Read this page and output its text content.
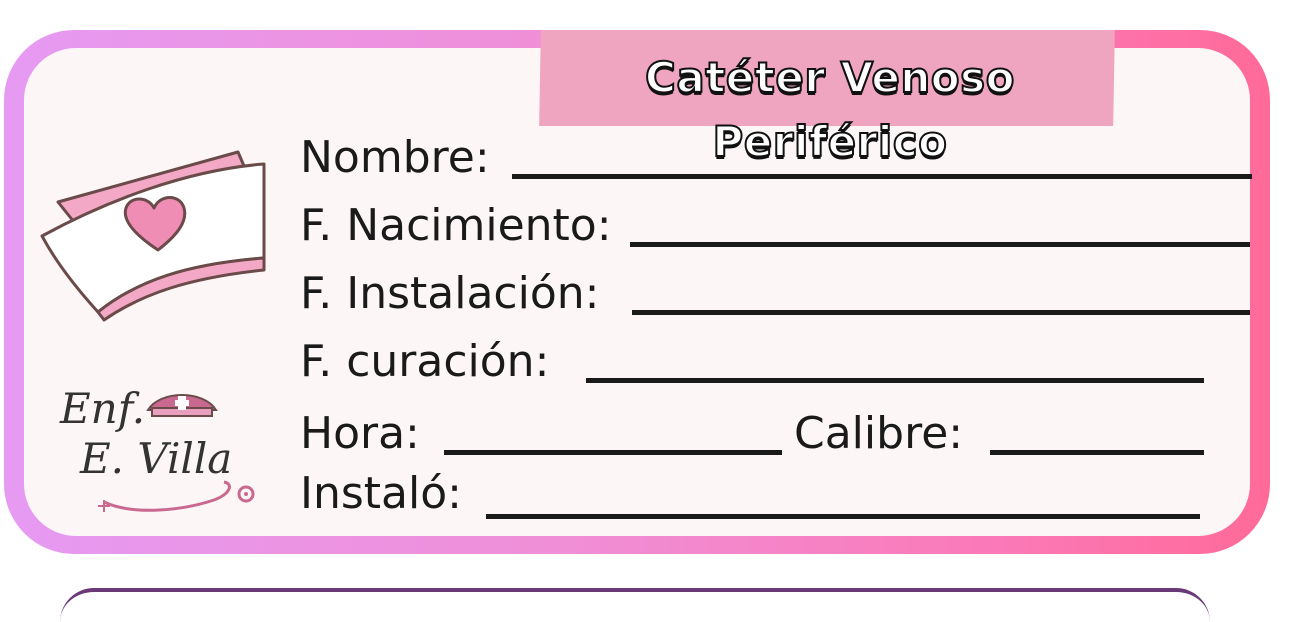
Catéter Venoso Periférico
Enf.
E. Villa
Nombre:
F. Nacimiento:
F. Instalación:
F. curación:
Hora:	Calibre:
Instaló:
